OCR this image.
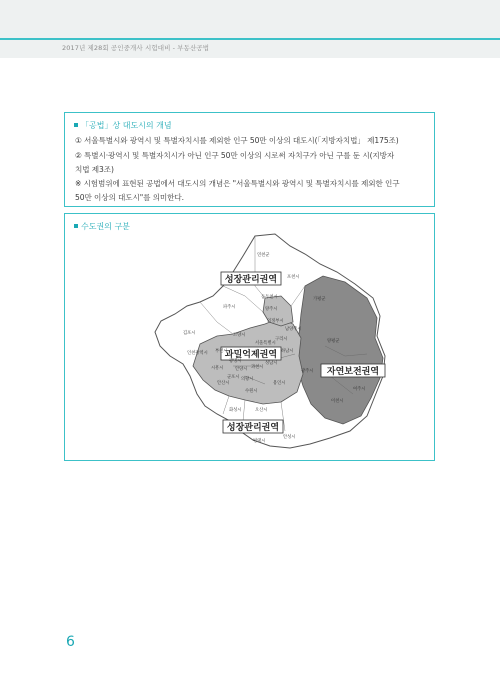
2017년 제28회 공인중개사 시험대비 - 부동산공법
「공법」상 대도시의 개념
① 서울특별시와 광역시 및 특별자치시를 제외한 인구 50만 이상의 대도시(「지방자치법」 제175조)
② 특별시·광역시 및 특별자치시가 아닌 인구 50만 이상의 시로써 자치구가 아닌 구를 둔 시(지방자
치법 제3조)
※ 시험범위에 표현된 공법에서 대도시의 개념은 "서울특별시와 광역시 및 특별자치시를 제외한 인구
50만 이상의 대도시"를 의미한다.
수도권의 구분
성장관리권역
과밀억제권역
자연보전권역
성장관리권역
연천군
포천시
동두천시
양주시
파주시
가평군
의정부시
김포시	고양시
남양주시
구리시
서울특별시
하남시
부천시
인천광역시
시흥시
광명시
안양시 과천시
성남시
군포시 의왕시
안산시
수원시
용인시
광주시
양평군
여주시
이천시
화성시	오산시
평택시
안성시
6
